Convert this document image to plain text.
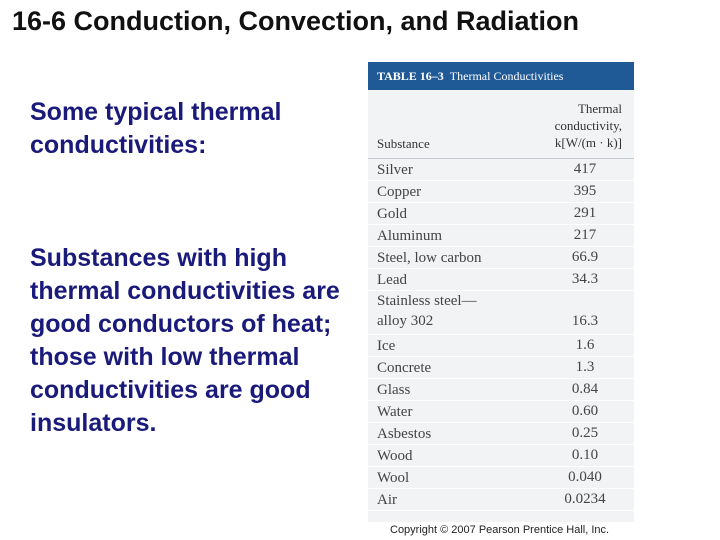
16-6 Conduction, Convection, and Radiation
Some typical thermal conductivities:
Substances with high thermal conductivities are good conductors of heat; those with low thermal conductivities are good insulators.
TABLE 16–3 Thermal Conductivities
Substance
Thermal
conductivity,
k[W/(m · k)]
Silver	417
Copper	395
Gold	291
Aluminum	217
Steel, low carbon	66.9
Lead	34.3
Stainless steel—
alloy 302	16.3
Ice	1.6
Concrete	1.3
Glass	0.84
Water	0.60
Asbestos	0.25
Wood	0.10
Wool	0.040
Air	0.0234
Copyright © 2007 Pearson Prentice Hall, Inc.
